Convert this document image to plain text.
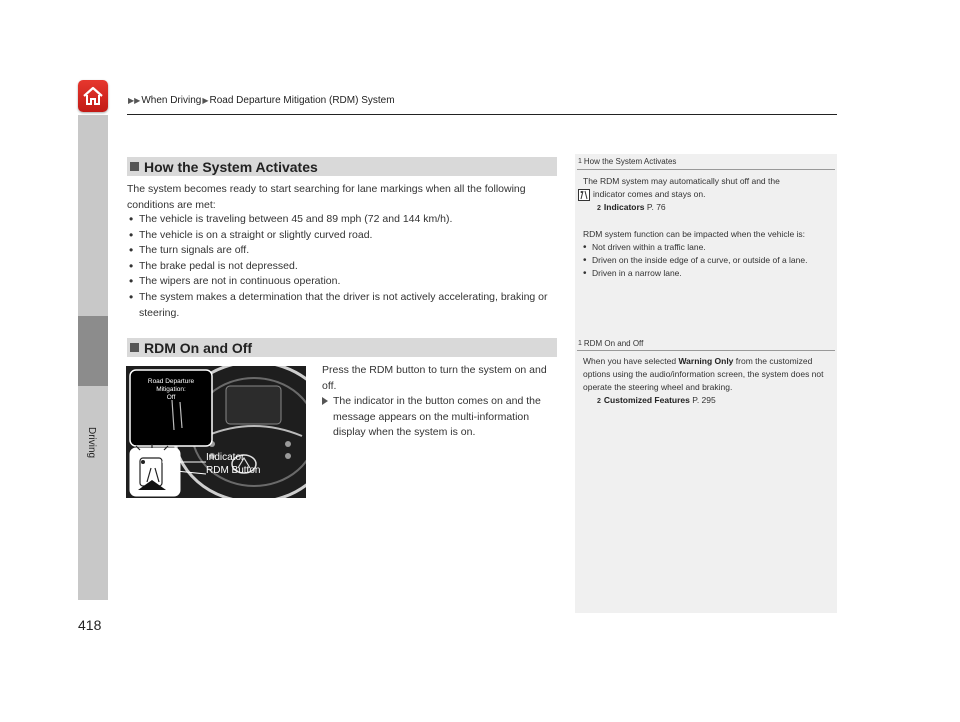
▶▶ When Driving ▶ Road Departure Mitigation (RDM) System
Driving
How the System Activates
The system becomes ready to start searching for lane markings when all the following conditions are met:
• The vehicle is traveling between 45 and 89 mph (72 and 144 km/h).
• The vehicle is on a straight or slightly curved road.
• The turn signals are off.
• The brake pedal is not depressed.
• The wipers are not in continuous operation.
• The system makes a determination that the driver is not actively accelerating, braking or steering.
RDM On and Off
Road Departure
Mitigation:
Off
Indicator
RDM Button
Press the RDM button to turn the system on and off.
The indicator in the button comes on and the message appears on the multi-information display when the system is on.
1 How the System Activates
The RDM system may automatically shut off and the
indicator comes and stays on.
2 Indicators P. 76
RDM system function can be impacted when the vehicle is:
• Not driven within a traffic lane.
• Driven on the inside edge of a curve, or outside of a lane.
• Driven in a narrow lane.
1 RDM On and Off
When you have selected Warning Only from the customized options using the audio/information screen, the system does not operate the steering wheel and braking.
2 Customized Features P. 295
418
